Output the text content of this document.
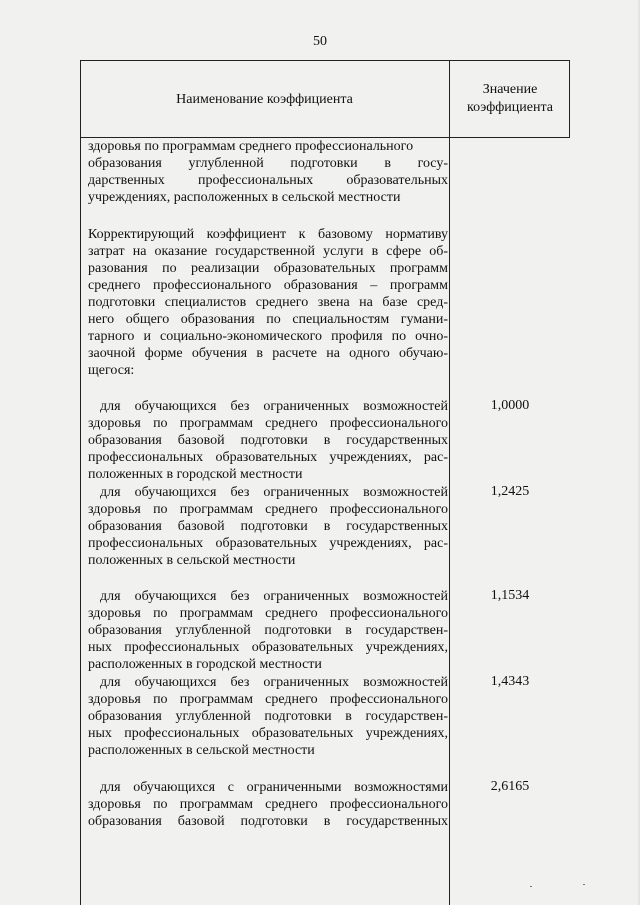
50
Наименование коэффициента
Значение
коэффициента
здоровья по программам среднего профессионального
образования углубленной подготовки в госу-
дарственных профессиональных образовательных
учреждениях, расположенных в сельской местности
Корректирующий коэффициент к базовому нормативу
затрат на оказание государственной услуги в сфере об-
разования по реализации образовательных программ
среднего профессионального образования – программ
подготовки специалистов среднего звена на базе сред-
него общего образования по специальностям гумани-
тарного и социально-экономического профиля по очно-
заочной форме обучения в расчете на одного обучаю-
щегося:
для обучающихся без ограниченных возможностей
здоровья по программам среднего профессионального
образования базовой подготовки в государственных
профессиональных образовательных учреждениях, рас-
положенных в городской местности
1,0000
для обучающихся без ограниченных возможностей
здоровья по программам среднего профессионального
образования базовой подготовки в государственных
профессиональных образовательных учреждениях, рас-
положенных в сельской местности
1,2425
для обучающихся без ограниченных возможностей
здоровья по программам среднего профессионального
образования углубленной подготовки в государствен-
ных профессиональных образовательных учреждениях,
расположенных в городской местности
1,1534
для обучающихся без ограниченных возможностей
здоровья по программам среднего профессионального
образования углубленной подготовки в государствен-
ных профессиональных образовательных учреждениях,
расположенных в сельской местности
1,4343
для обучающихся с ограниченными возможностями
здоровья по программам среднего профессионального
образования базовой подготовки в государственных
2,6165
